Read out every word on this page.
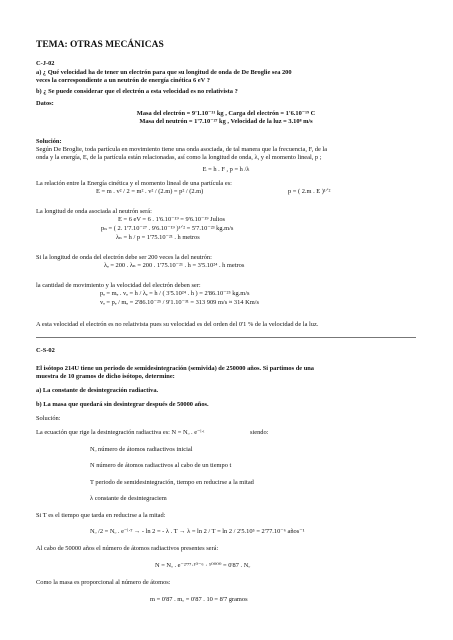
TEMA: OTRAS MECÁNICAS
C-J-02
a) ¿ Qué velocidad ha de tener un electrón para que su longitud de onda de De Broglie sea 200
veces la correspondiente a un neutrón de energía cinética 6 eV ?
b) ¿ Se puede considerar que el electrón a esta velocidad es no relativista ?
Datos:
Masa del electrón = 9'1.10⁻³¹ kg , Carga del electrón = 1'6.10⁻¹⁹ C
Masa del neutrón = 1'7.10⁻²⁷ kg , Velocidad de la luz = 3.10⁸ m/s
Solución:
Según De Broglie, toda partícula en movimiento tiene una onda asociada, de tal manera que la frecuencia, F, de la
onda y la energía, E, de la partícula están relacionadas, así como la longitud de onda, λ, y el momento lineal, p ;
E = h . F , p = h /λ
La relación entre la Energía cinética y el momento lineal de una partícula es:
E = m . v² / 2 = m² . v² / (2.m) = p² / (2.m)	p = ( 2.m . E )¹ᐟ²
La longitud de onda asociada al neutrón será:
E = 6 eV = 6 . 1'6.10⁻¹⁹ = 9'6.10⁻¹⁹ Julios
pₙ = ( 2. 1'7.10⁻²⁷ . 9'6.10⁻¹⁹ )¹ᐟ² = 5'7.10⁻²³ kg.m/s
λₙ = h / p = 1'75.10⁻²¹ . h metros
Si la longitud de onda del electrón debe ser 200 veces la del neutrón:
λₑ = 200 . λₙ = 200 . 1'75.10⁻²¹ . h = 3'5.10²⁴ . h metros
la cantidad de movimiento y la velocidad del electrón deben ser:
pₑ = mₑ . vₑ = h / λₑ = h / ( 3'5.10²⁴ . h ) = 2'86.10⁻²⁵ kg.m/s
vₑ = pₑ / mₑ = 2'86.10⁻²⁵ / 9'1.10⁻³¹ = 313 909 m/s ≈ 314 Km/s
A esta velocidad el electrón es no relativista pues su velocidad es del orden del 0'1 % de la velocidad de la luz.
C-S-02
El isótopo 214U tiene un periodo de semidesintegración (semivida) de 250000 años. Si partimos de una
muestra de 10 gramos de dicho isótopo, determine:
a) La constante de desintegración radiactiva.
b) La masa que quedará sin desintegrar después de 50000 años.
Solución:
La ecuación que rige la desintegración radiactiva es: N = Nₒ . e⁻ˡᐧᵗ	siendo:
Nₒ número de átomos radiactivos inicial
N número de átomos radiactivos al cabo de un tiempo t
T periodo de semidesintegración, tiempo en reducirse a la mitad
λ constante de desintegraciem
Si T es el tiempo que tarda en reducirse a la mitad:
Nₒ /2 = Nₒ . e⁻ˡᐧᵀ → - ln 2 = - λ . T → λ = ln 2 / T = ln 2 / 2'5.10⁵ = 2'77.10⁻⁶ años⁻¹
Al cabo de 50000 años el número de átomos radiactivos presentes será:
N = Nₒ . e⁻²'⁷⁷·¹⁰⁻⁶ · ⁵⁰⁰⁰⁰ = 0'87 . Nₒ
Como la masa es proporcional al número de átomos:
m = 0'87 . mₒ = 0'87 . 10 = 8'7 gramos
